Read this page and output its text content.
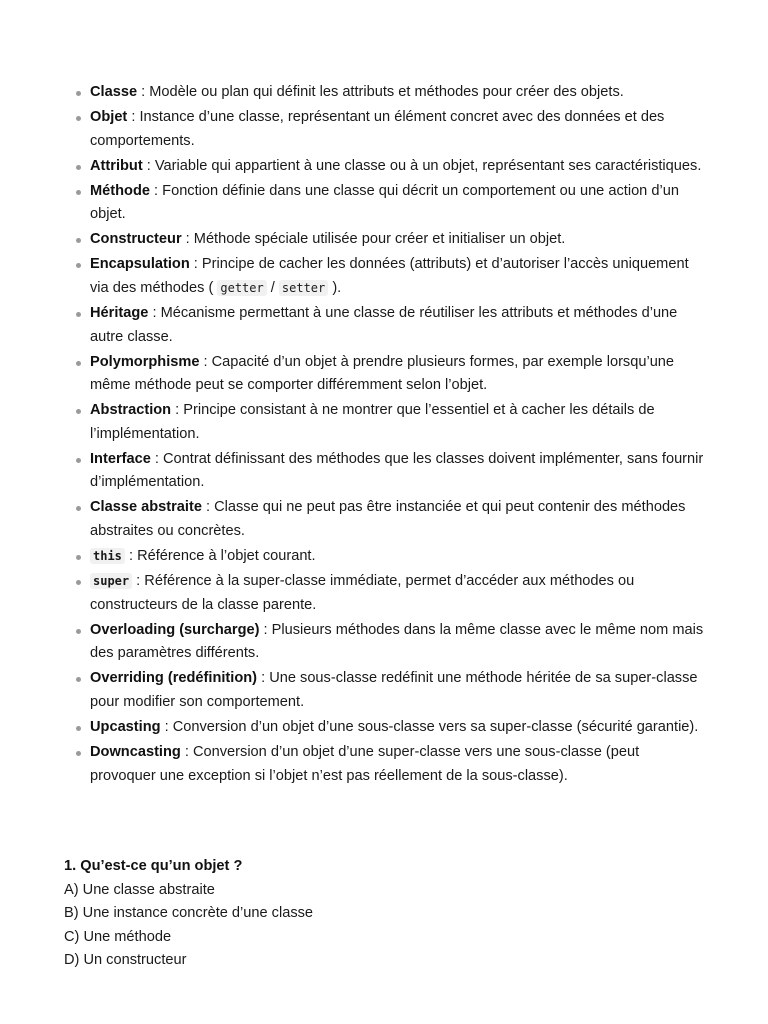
Classe : Modèle ou plan qui définit les attributs et méthodes pour créer des objets.
Objet : Instance d’une classe, représentant un élément concret avec des données et des comportements.
Attribut : Variable qui appartient à une classe ou à un objet, représentant ses caractéristiques.
Méthode : Fonction définie dans une classe qui décrit un comportement ou une action d’un objet.
Constructeur : Méthode spéciale utilisée pour créer et initialiser un objet.
Encapsulation : Principe de cacher les données (attributs) et d’autoriser l’accès uniquement via des méthodes ( getter / setter ).
Héritage : Mécanisme permettant à une classe de réutiliser les attributs et méthodes d’une autre classe.
Polymorphisme : Capacité d’un objet à prendre plusieurs formes, par exemple lorsqu’une même méthode peut se comporter différemment selon l’objet.
Abstraction : Principe consistant à ne montrer que l’essentiel et à cacher les détails de l’implémentation.
Interface : Contrat définissant des méthodes que les classes doivent implémenter, sans fournir d’implémentation.
Classe abstraite : Classe qui ne peut pas être instanciée et qui peut contenir des méthodes abstraites ou concrètes.
this : Référence à l’objet courant.
super : Référence à la super-classe immédiate, permet d’accéder aux méthodes ou constructeurs de la classe parente.
Overloading (surcharge) : Plusieurs méthodes dans la même classe avec le même nom mais des paramètres différents.
Overriding (redéfinition) : Une sous-classe redéfinit une méthode héritée de sa super-classe pour modifier son comportement.
Upcasting : Conversion d’un objet d’une sous-classe vers sa super-classe (sécurité garantie).
Downcasting : Conversion d’un objet d’une super-classe vers une sous-classe (peut provoquer une exception si l’objet n’est pas réellement de la sous-classe).
1. Qu’est-ce qu’un objet ?
A) Une classe abstraite
B) Une instance concrète d’une classe
C) Une méthode
D) Un constructeur
